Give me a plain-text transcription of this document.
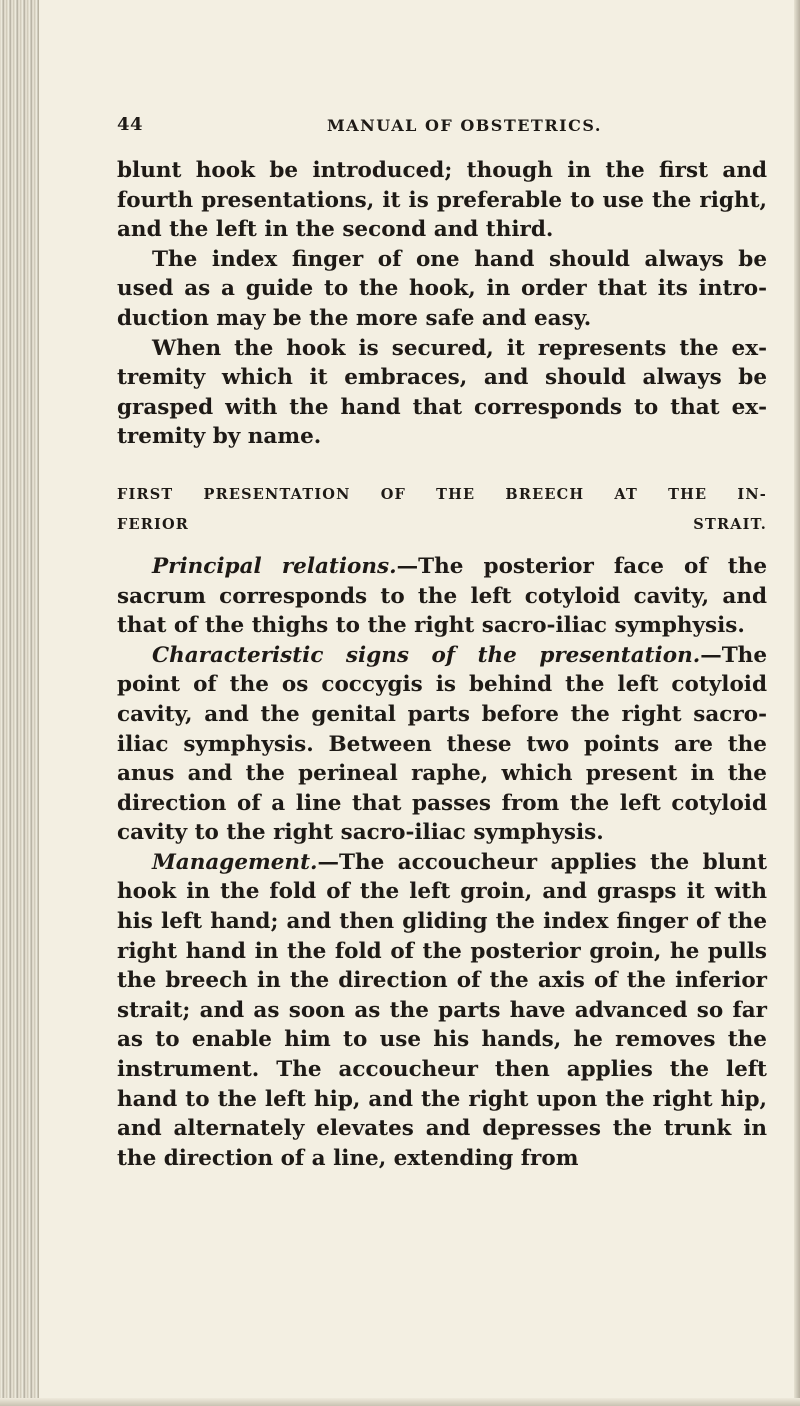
44	MANUAL OF OBSTETRICS.

blunt hook be introduced; though in the first and fourth presentations, it is preferable to use the right, and the left in the second and third.

The index finger of one hand should always be used as a guide to the hook, in order that its introduction may be the more safe and easy.

When the hook is secured, it represents the extremity which it embraces, and should always be grasped with the hand that corresponds to that extremity by name.

FIRST PRESENTATION OF THE BREECH AT THE IN-

FERIOR STRAIT.

Principal relations.—The posterior face of the sacrum corresponds to the left cotyloid cavity, and that of the thighs to the right sacro-iliac symphysis.

Characteristic signs of the presentation.—The point of the os coccygis is behind the left cotyloid cavity, and the genital parts before the right sacroiliac symphysis. Between these two points are the anus and the perineal raphe, which present in the direction of a line that passes from the left cotyloid cavity to the right sacro-iliac symphysis.

Management.—The accoucheur applies the blunt hook in the fold of the left groin, and grasps it with his left hand; and then gliding the index finger of the right hand in the fold of the posterior groin, he pulls the breech in the direction of the axis of the inferior strait; and as soon as the parts have advanced so far as to enable him to use his hands, he removes the instrument. The accoucheur then applies the left hand to the left hip, and the right upon the right hip, and alternately elevates and depresses the trunk in the direction of a line, extending from
